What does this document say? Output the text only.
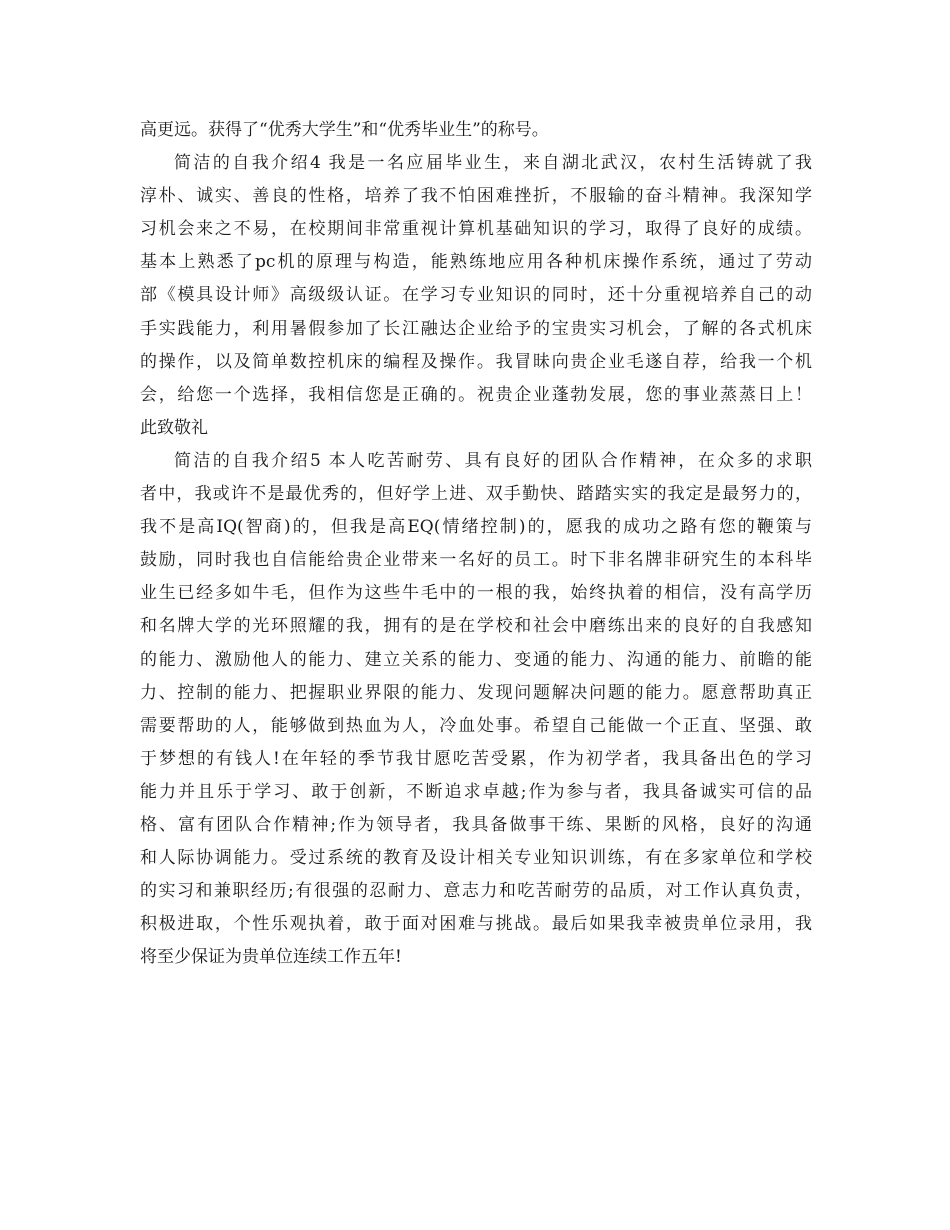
高更远。获得了“优秀大学生”和“优秀毕业生”的称号。
简洁的自我介绍4 我是一名应届毕业生，来自湖北武汉，农村生活铸就了我
淳朴、诚实、善良的性格，培养了我不怕困难挫折，不服输的奋斗精神。我深知学
习机会来之不易，在校期间非常重视计算机基础知识的学习，取得了良好的成绩。
基本上熟悉了pc机的原理与构造，能熟练地应用各种机床操作系统，通过了劳动
部《模具设计师》高级级认证。在学习专业知识的同时，还十分重视培养自己的动
手实践能力，利用暑假参加了长江融达企业给予的宝贵实习机会，了解的各式机床
的操作，以及简单数控机床的编程及操作。我冒昧向贵企业毛遂自荐，给我一个机
会，给您一个选择，我相信您是正确的。祝贵企业蓬勃发展，您的事业蒸蒸日上！
此致敬礼
简洁的自我介绍5 本人吃苦耐劳、具有良好的团队合作精神，在众多的求职
者中，我或许不是最优秀的，但好学上进、双手勤快、踏踏实实的我定是最努力的，
我不是高IQ(智商)的，但我是高EQ(情绪控制)的，愿我的成功之路有您的鞭策与
鼓励，同时我也自信能给贵企业带来一名好的员工。时下非名牌非研究生的本科毕
业生已经多如牛毛，但作为这些牛毛中的一根的我，始终执着的相信，没有高学历
和名牌大学的光环照耀的我，拥有的是在学校和社会中磨练出来的良好的自我感知
的能力、激励他人的能力、建立关系的能力、变通的能力、沟通的能力、前瞻的能
力、控制的能力、把握职业界限的能力、发现问题解决问题的能力。愿意帮助真正
需要帮助的人，能够做到热血为人，冷血处事。希望自己能做一个正直、坚强、敢
于梦想的有钱人!在年轻的季节我甘愿吃苦受累，作为初学者，我具备出色的学习
能力并且乐于学习、敢于创新，不断追求卓越;作为参与者，我具备诚实可信的品
格、富有团队合作精神;作为领导者，我具备做事干练、果断的风格，良好的沟通
和人际协调能力。受过系统的教育及设计相关专业知识训练，有在多家单位和学校
的实习和兼职经历;有很强的忍耐力、意志力和吃苦耐劳的品质，对工作认真负责，
积极进取，个性乐观执着，敢于面对困难与挑战。最后如果我幸被贵单位录用，我
将至少保证为贵单位连续工作五年!
